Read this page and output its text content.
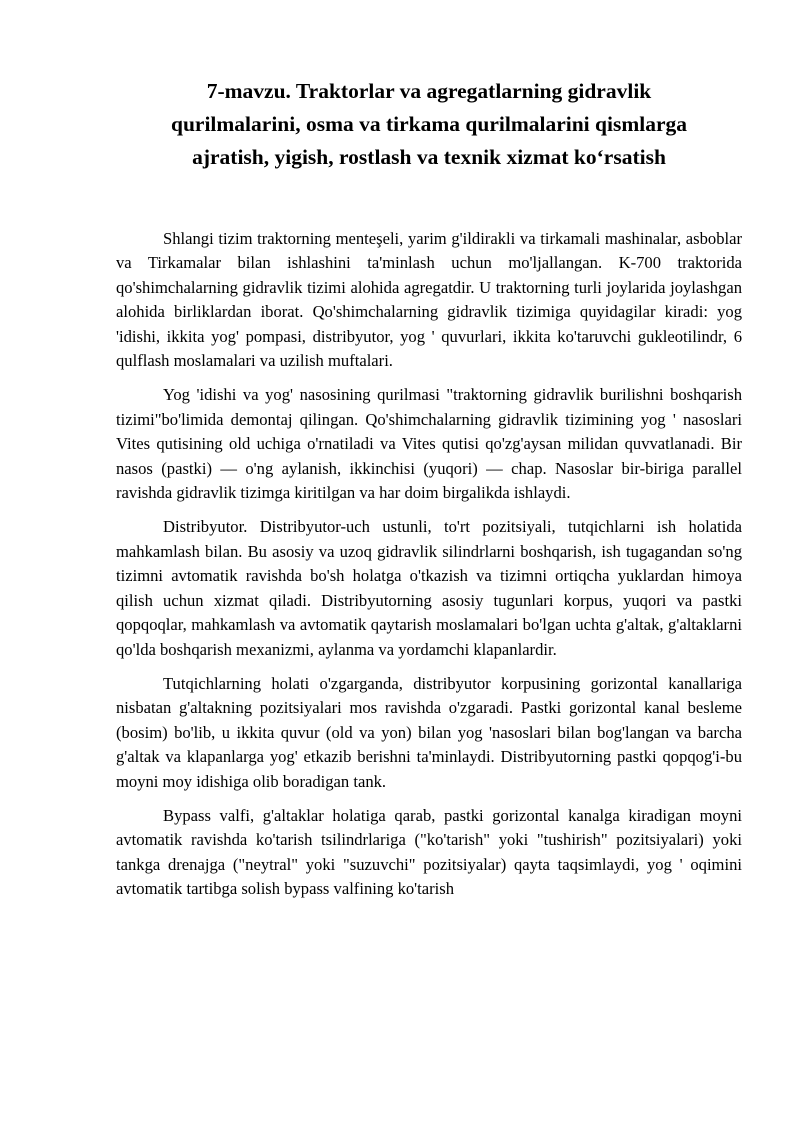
7-mavzu. Traktorlar va agregatlarning gidravlik
qurilmalarini, osma va tirkama qurilmalarini qismlarga
ajratish, yigish, rostlash va texnik xizmat ko‘rsatish

Shlangi tizim traktorning menteşeli, yarim g'ildirakli va tirkamali mashinalar, asboblar va Tirkamalar bilan ishlashini ta'minlash uchun mo'ljallangan. K-700 traktorida qo'shimchalarning gidravlik tizimi alohida agregatdir. U traktorning turli joylarida joylashgan alohida birliklardan iborat. Qo'shimchalarning gidravlik tizimiga quyidagilar kiradi: yog 'idishi, ikkita yog' pompasi, distribyutor, yog ' quvurlari, ikkita ko'taruvchi gukleotilindr, 6 qulflash moslamalari va uzilish muftalari.

Yog 'idishi va yog' nasosining qurilmasi "traktorning gidravlik burilishni boshqarish tizimi"bo'limida demontaj qilingan. Qo'shimchalarning gidravlik tizimining yog ' nasoslari Vites qutisining old uchiga o'rnatiladi va Vites qutisi qo'zg'aysan milidan quvvatlanadi. Bir nasos (pastki) — o'ng aylanish, ikkinchisi (yuqori) — chap. Nasoslar bir-biriga parallel ravishda gidravlik tizimga kiritilgan va har doim birgalikda ishlaydi.

Distribyutor. Distribyutor-uch ustunli, to'rt pozitsiyali, tutqichlarni ish holatida mahkamlash bilan. Bu asosiy va uzoq gidravlik silindrlarni boshqarish, ish tugagandan so'ng tizimni avtomatik ravishda bo'sh holatga o'tkazish va tizimni ortiqcha yuklardan himoya qilish uchun xizmat qiladi. Distribyutorning asosiy tugunlari korpus, yuqori va pastki qopqoqlar, mahkamlash va avtomatik qaytarish moslamalari bo'lgan uchta g'altak, g'altaklarni qo'lda boshqarish mexanizmi, aylanma va yordamchi klapanlardir.

Tutqichlarning holati o'zgarganda, distribyutor korpusining gorizontal kanallariga nisbatan g'altakning pozitsiyalari mos ravishda o'zgaradi. Pastki gorizontal kanal besleme (bosim) bo'lib, u ikkita quvur (old va yon) bilan yog 'nasoslari bilan bog'langan va barcha g'altak va klapanlarga yog' etkazib berishni ta'minlaydi. Distribyutorning pastki qopqog'i-bu moyni moy idishiga olib boradigan tank.

Bypass valfi, g'altaklar holatiga qarab, pastki gorizontal kanalga kiradigan moyni avtomatik ravishda ko'tarish tsilindrlariga ("ko'tarish" yoki "tushirish" pozitsiyalari) yoki tankga drenajga ("neytral" yoki "suzuvchi" pozitsiyalar) qayta taqsimlaydi, yog ' oqimini avtomatik tartibga solish bypass valfining ko'tarish
